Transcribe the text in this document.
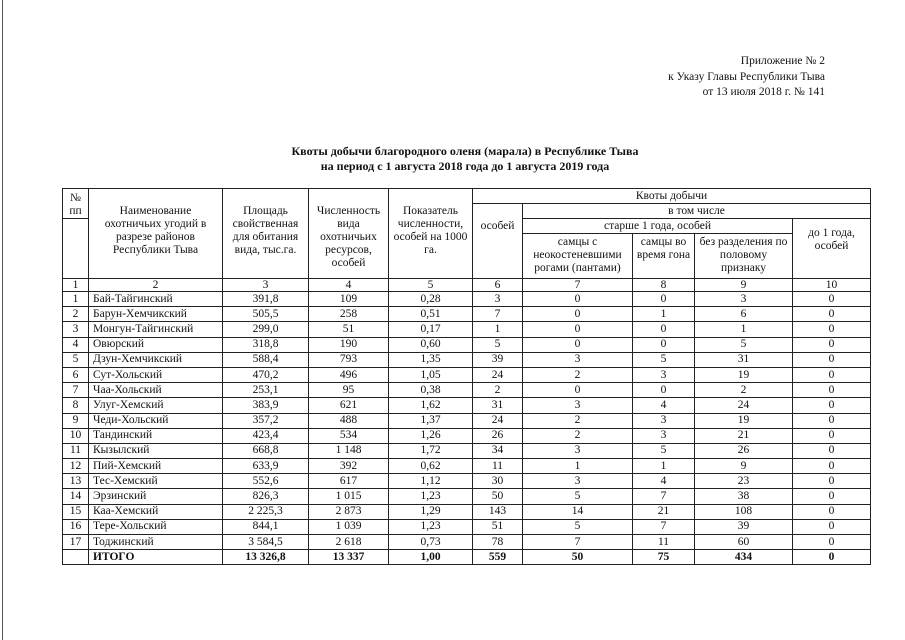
Приложение № 2
к Указу Главы Республики Тыва
от 13 июля 2018 г. № 141
Квоты добычи благородного оленя (марала) в Республике Тыва
на период с 1 августа 2018 года до 1 августа 2019 года
№ пп	Наименование охотничьих угодий в разрезе районов Республики Тыва	Площадь свойственная для обитания вида, тыс.га.	Численность вида охотничьих ресурсов, особей	Показатель численности, особей на 1000 га.	Квоты добычи				
					особей	в том числе			
						старше 1 года, особей			до 1 года, особей
						самцы с неокостеневшими рогами (пантами)	самцы во время гона	без разделения по половому признаку	
1	2	3	4	5	6	7	8	9	10
1	Бай-Тайгинский	391,8	109	0,28	3	0	0	3	0
2	Барун-Хемчикский	505,5	258	0,51	7	0	1	6	0
3	Монгун-Тайгинский	299,0	51	0,17	1	0	0	1	0
4	Овюрский	318,8	190	0,60	5	0	0	5	0
5	Дзун-Хемчикский	588,4	793	1,35	39	3	5	31	0
6	Сут-Хольский	470,2	496	1,05	24	2	3	19	0
7	Чаа-Хольский	253,1	95	0,38	2	0	0	2	0
8	Улуг-Хемский	383,9	621	1,62	31	3	4	24	0
9	Чеди-Хольский	357,2	488	1,37	24	2	3	19	0
10	Тандинский	423,4	534	1,26	26	2	3	21	0
11	Кызылский	668,8	1 148	1,72	34	3	5	26	0
12	Пий-Хемский	633,9	392	0,62	11	1	1	9	0
13	Тес-Хемский	552,6	617	1,12	30	3	4	23	0
14	Эрзинский	826,3	1 015	1,23	50	5	7	38	0
15	Каа-Хемский	2 225,3	2 873	1,29	143	14	21	108	0
16	Тере-Хольский	844,1	1 039	1,23	51	5	7	39	0
17	Тоджинский	3 584,5	2 618	0,73	78	7	11	60	0
	ИТОГО	13 326,8	13 337	1,00	559	50	75	434	0
